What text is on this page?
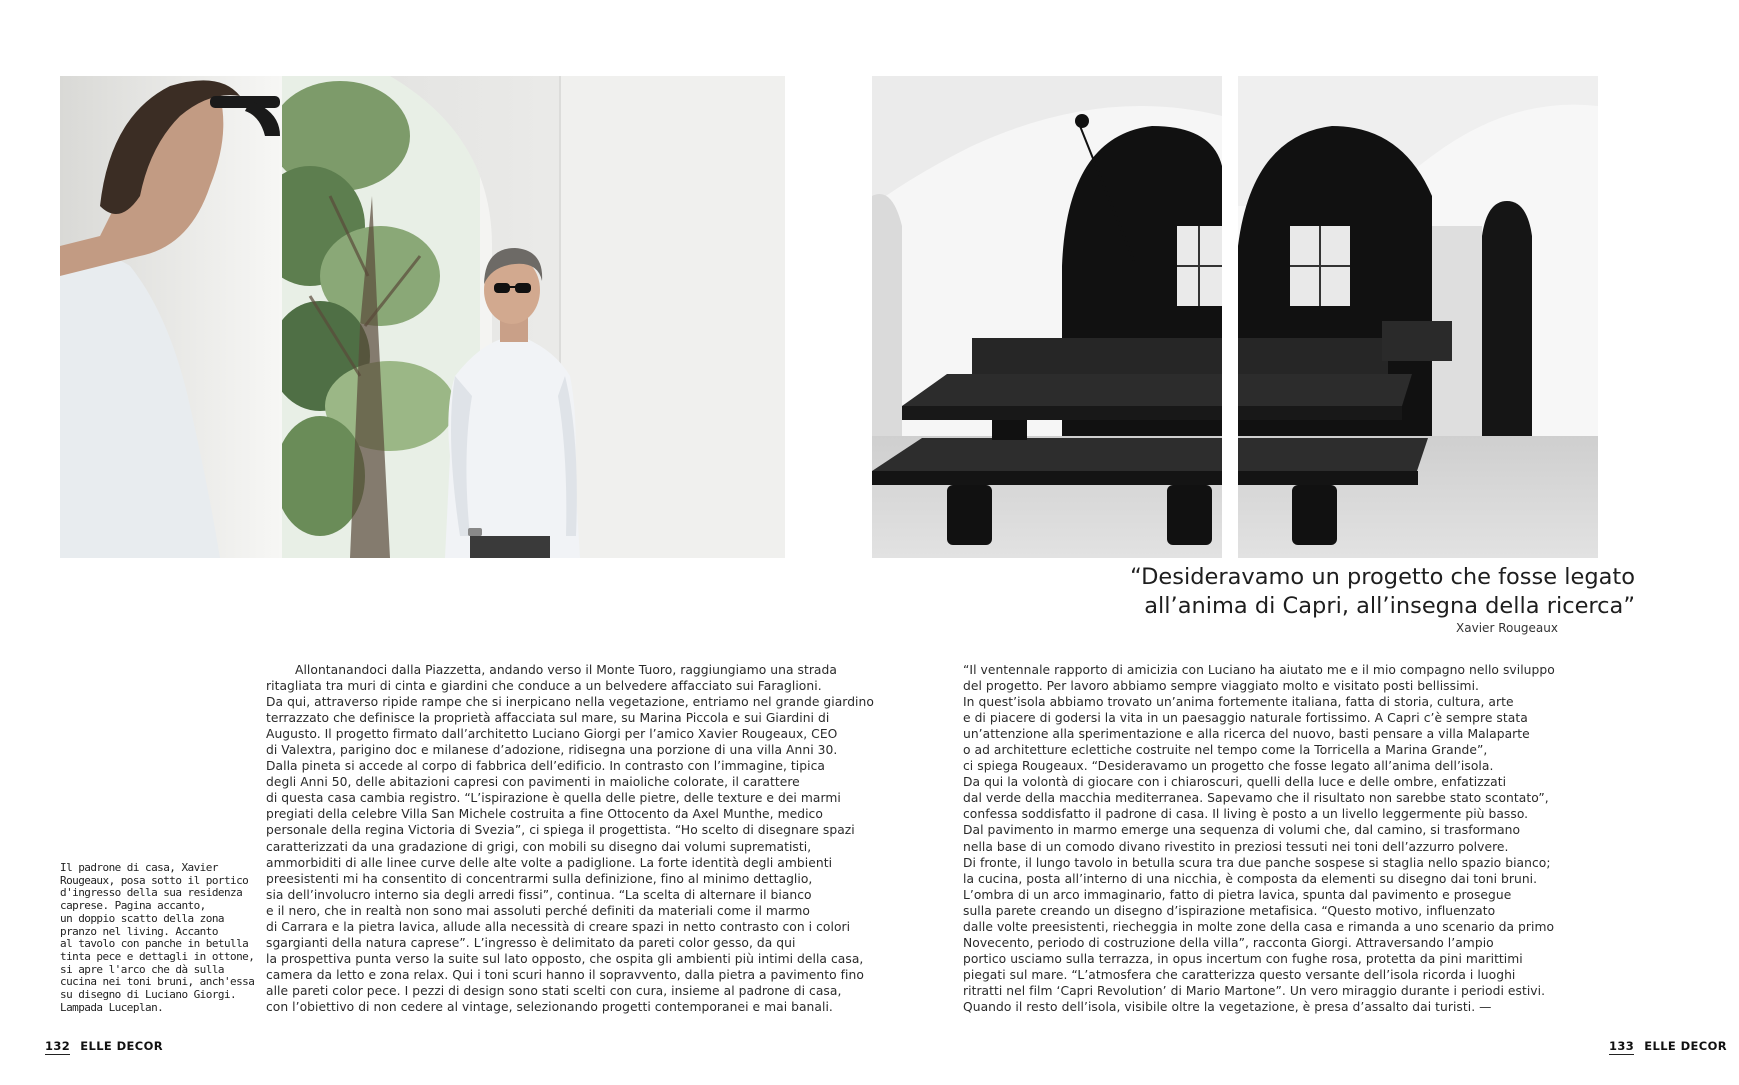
“Desideravamo un progetto che fosse legato
all’anima di Capri, all’insegna della ricerca”
Xavier Rougeaux
Il padrone di casa, Xavier
Rougeaux, posa sotto il portico
d'ingresso della sua residenza
caprese. Pagina accanto,
un doppio scatto della zona
pranzo nel living. Accanto
al tavolo con panche in betulla
tinta pece e dettagli in ottone,
si apre l'arco che dà sulla
cucina nei toni bruni, anch'essa
su disegno di Luciano Giorgi.
Lampada Luceplan.
Allontanandoci dalla Piazzetta, andando verso il Monte Tuoro, raggiungiamo una strada
ritagliata tra muri di cinta e giardini che conduce a un belvedere affacciato sui Faraglioni.
Da qui, attraverso ripide rampe che si inerpicano nella vegetazione, entriamo nel grande giardino
terrazzato che definisce la proprietà affacciata sul mare, su Marina Piccola e sui Giardini di
Augusto. Il progetto firmato dall’architetto Luciano Giorgi per l’amico Xavier Rougeaux, CEO
di Valextra, parigino doc e milanese d’adozione, ridisegna una porzione di una villa Anni 30.
Dalla pineta si accede al corpo di fabbrica dell’edificio. In contrasto con l’immagine, tipica
degli Anni 50, delle abitazioni capresi con pavimenti in maioliche colorate, il carattere
di questa casa cambia registro. “L’ispirazione è quella delle pietre, delle texture e dei marmi
pregiati della celebre Villa San Michele costruita a fine Ottocento da Axel Munthe, medico
personale della regina Victoria di Svezia”, ci spiega il progettista. “Ho scelto di disegnare spazi
caratterizzati da una gradazione di grigi, con mobili su disegno dai volumi suprematisti,
ammorbiditi di alle linee curve delle alte volte a padiglione. La forte identità degli ambienti
preesistenti mi ha consentito di concentrarmi sulla definizione, fino al minimo dettaglio,
sia dell’involucro interno sia degli arredi fissi”, continua. “La scelta di alternare il bianco
e il nero, che in realtà non sono mai assoluti perché definiti da materiali come il marmo
di Carrara e la pietra lavica, allude alla necessità di creare spazi in netto contrasto con i colori
sgargianti della natura caprese”. L’ingresso è delimitato da pareti color gesso, da qui
la prospettiva punta verso la suite sul lato opposto, che ospita gli ambienti più intimi della casa,
camera da letto e zona relax. Qui i toni scuri hanno il sopravvento, dalla pietra a pavimento fino
alle pareti color pece. I pezzi di design sono stati scelti con cura, insieme al padrone di casa,
con l’obiettivo di non cedere al vintage, selezionando progetti contemporanei e mai banali.
“Il ventennale rapporto di amicizia con Luciano ha aiutato me e il mio compagno nello sviluppo
del progetto. Per lavoro abbiamo sempre viaggiato molto e visitato posti bellissimi.
In quest’isola abbiamo trovato un’anima fortemente italiana, fatta di storia, cultura, arte
e di piacere di godersi la vita in un paesaggio naturale fortissimo. A Capri c’è sempre stata
un’attenzione alla sperimentazione e alla ricerca del nuovo, basti pensare a villa Malaparte
o ad architetture eclettiche costruite nel tempo come la Torricella a Marina Grande”,
ci spiega Rougeaux. “Desideravamo un progetto che fosse legato all’anima dell’isola.
Da qui la volontà di giocare con i chiaroscuri, quelli della luce e delle ombre, enfatizzati
dal verde della macchia mediterranea. Sapevamo che il risultato non sarebbe stato scontato”,
confessa soddisfatto il padrone di casa. Il living è posto a un livello leggermente più basso.
Dal pavimento in marmo emerge una sequenza di volumi che, dal camino, si trasformano
nella base di un comodo divano rivestito in preziosi tessuti nei toni dell’azzurro polvere.
Di fronte, il lungo tavolo in betulla scura tra due panche sospese si staglia nello spazio bianco;
la cucina, posta all’interno di una nicchia, è composta da elementi su disegno dai toni bruni.
L’ombra di un arco immaginario, fatto di pietra lavica, spunta dal pavimento e prosegue
sulla parete creando un disegno d’ispirazione metafisica. “Questo motivo, influenzato
dalle volte preesistenti, riecheggia in molte zone della casa e rimanda a uno scenario da primo
Novecento, periodo di costruzione della villa”, racconta Giorgi. Attraversando l’ampio
portico usciamo sulla terrazza, in opus incertum con fughe rosa, protetta da pini marittimi
piegati sul mare. “L’atmosfera che caratterizza questo versante dell’isola ricorda i luoghi
ritratti nel film ‘Capri Revolution’ di Mario Martone”. Un vero miraggio durante i periodi estivi.
Quando il resto dell’isola, visibile oltre la vegetazione, è presa d’assalto dai turisti. —
132 ELLE DECOR	133 ELLE DECOR
